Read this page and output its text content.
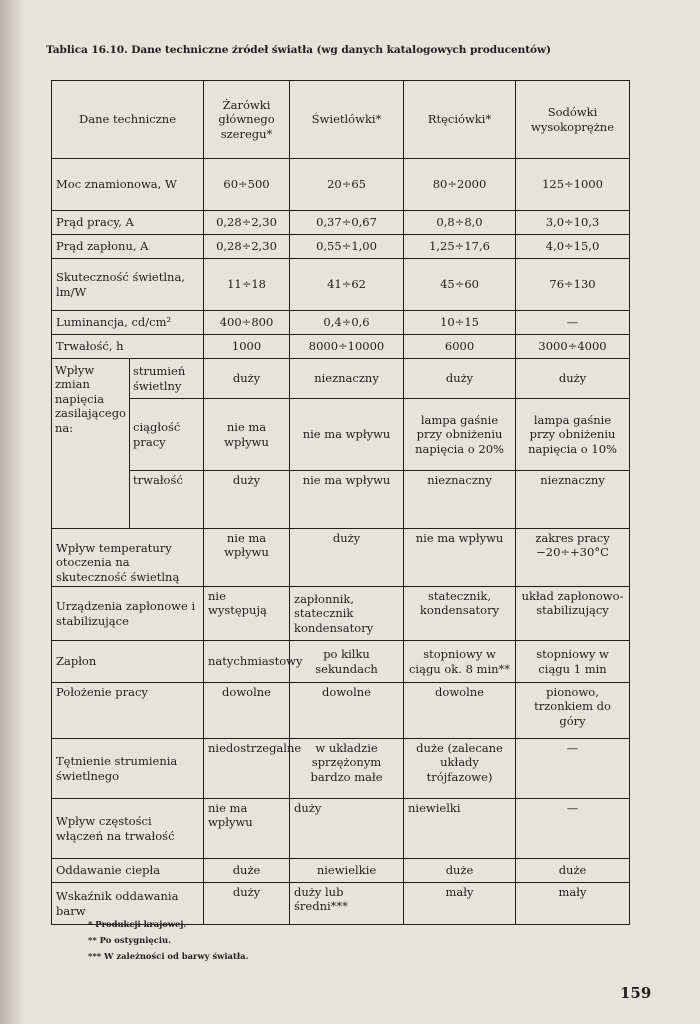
Tablica 16.10. Dane techniczne źródeł światła (wg danych katalogowych producentów)
Dane techniczne		Żarówki głównego szeregu*	Świetlówki*	Rtęciówki*	Sodówki wysokoprężne
Moc znamionowa, W		60÷500	20÷65	80÷2000	125÷1000
Prąd pracy, A		0,28÷2,30	0,37÷0,67	0,8÷8,0	3,0÷10,3
Prąd zapłonu, A		0,28÷2,30	0,55÷1,00	1,25÷17,6	4,0÷15,0
Skuteczność świetlna, lm/W		11÷18	41÷62	45÷60	76÷130
Luminancja, cd/cm²		400÷800	0,4÷0,6	10÷15	—
Trwałość, h		1000	8000÷10000	6000	3000÷4000
Wpływ zmian napięcia zasilającego na:	strumień świetlny	duży	nieznaczny	duży	duży
	ciągłość pracy	nie ma wpływu	nie ma wpływu	lampa gaśnie przy obniżeniu napięcia o 20%	lampa gaśnie przy obniżeniu napięcia o 10%
	trwałość	duży	nie ma wpływu	nieznaczny	nieznaczny
Wpływ temperatury otoczenia na skuteczność świetlną		nie ma wpływu	duży	nie ma wpływu	zakres pracy −20÷+30°C
Urządzenia zapłonowe i stabilizujące		nie występują	zapłonnik, statecznik kondensatory	statecznik, kondensatory	układ zapłonowo-stabilizujący
Zapłon		natychmiastowy	po kilku sekundach	stopniowy w ciągu ok. 8 min**	stopniowy w ciągu 1 min
Położenie pracy		dowolne	dowolne	dowolne	pionowo, trzonkiem do góry
Tętnienie strumienia świetlnego		niedostrzegalne	w układzie sprzężonym bardzo małe	duże (zalecane układy trójfazowe)	—
Wpływ częstości włączeń na trwałość		nie ma wpływu	duży	niewielki	—
Oddawanie ciepła		duże	niewielkie	duże	duże
Wskaźnik oddawania barw		duży	duży lub średni***	mały	mały
* Produkcji krajowej.
** Po ostygnięciu.
*** W zależności od barwy światła.
159
